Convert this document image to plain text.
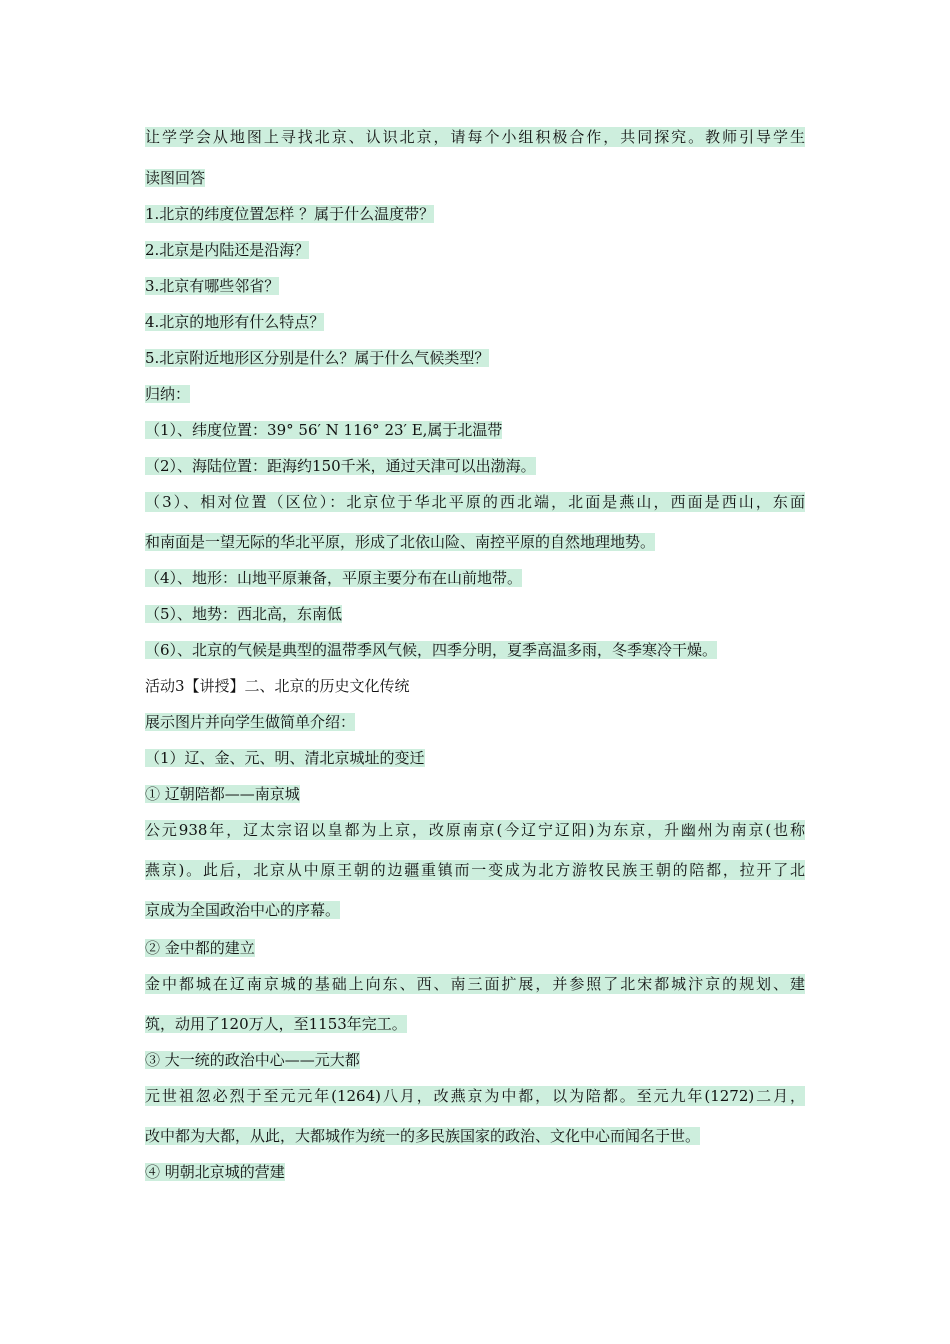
让学学会从地图上寻找北京、认识北京，请每个小组积极合作，共同探究。教师引导学生
读图回答
1.北京的纬度位置怎样 ？属于什么温度带？
2.北京是内陆还是沿海？
3.北京有哪些邻省？
4.北京的地形有什么特点？
5.北京附近地形区分别是什么？属于什么气候类型？
归纳：
（1）、纬度位置：39° 56′ N 116° 23′ E,属于北温带
（2）、海陆位置：距海约150千米，通过天津可以出渤海。
（3）、相对位置（区位）：北京位于华北平原的西北端，北面是燕山，西面是西山，东面
和南面是一望无际的华北平原，形成了北依山险、南控平原的自然地理地势。
（4）、地形：山地平原兼备，平原主要分布在山前地带。
（5）、地势：西北高，东南低
（6）、北京的气候是典型的温带季风气候，四季分明，夏季高温多雨，冬季寒冷干燥。
活动3【讲授】二、北京的历史文化传统
展示图片并向学生做简单介绍：
（1）辽、金、元、明、清北京城址的变迁
① 辽朝陪都——南京城
公元938年，辽太宗诏以皇都为上京，改原南京(今辽宁辽阳)为东京，升幽州为南京(也称
燕京)。此后，北京从中原王朝的边疆重镇而一变成为北方游牧民族王朝的陪都，拉开了北
京成为全国政治中心的序幕。
② 金中都的建立
金中都城在辽南京城的基础上向东、西、南三面扩展，并参照了北宋都城汴京的规划、建
筑，动用了120万人，至1153年完工。
③ 大一统的政治中心——元大都
元世祖忽必烈于至元元年(1264)八月，改燕京为中都，以为陪都。至元九年(1272)二月，
改中都为大都，从此，大都城作为统一的多民族国家的政治、文化中心而闻名于世。
④ 明朝北京城的营建
